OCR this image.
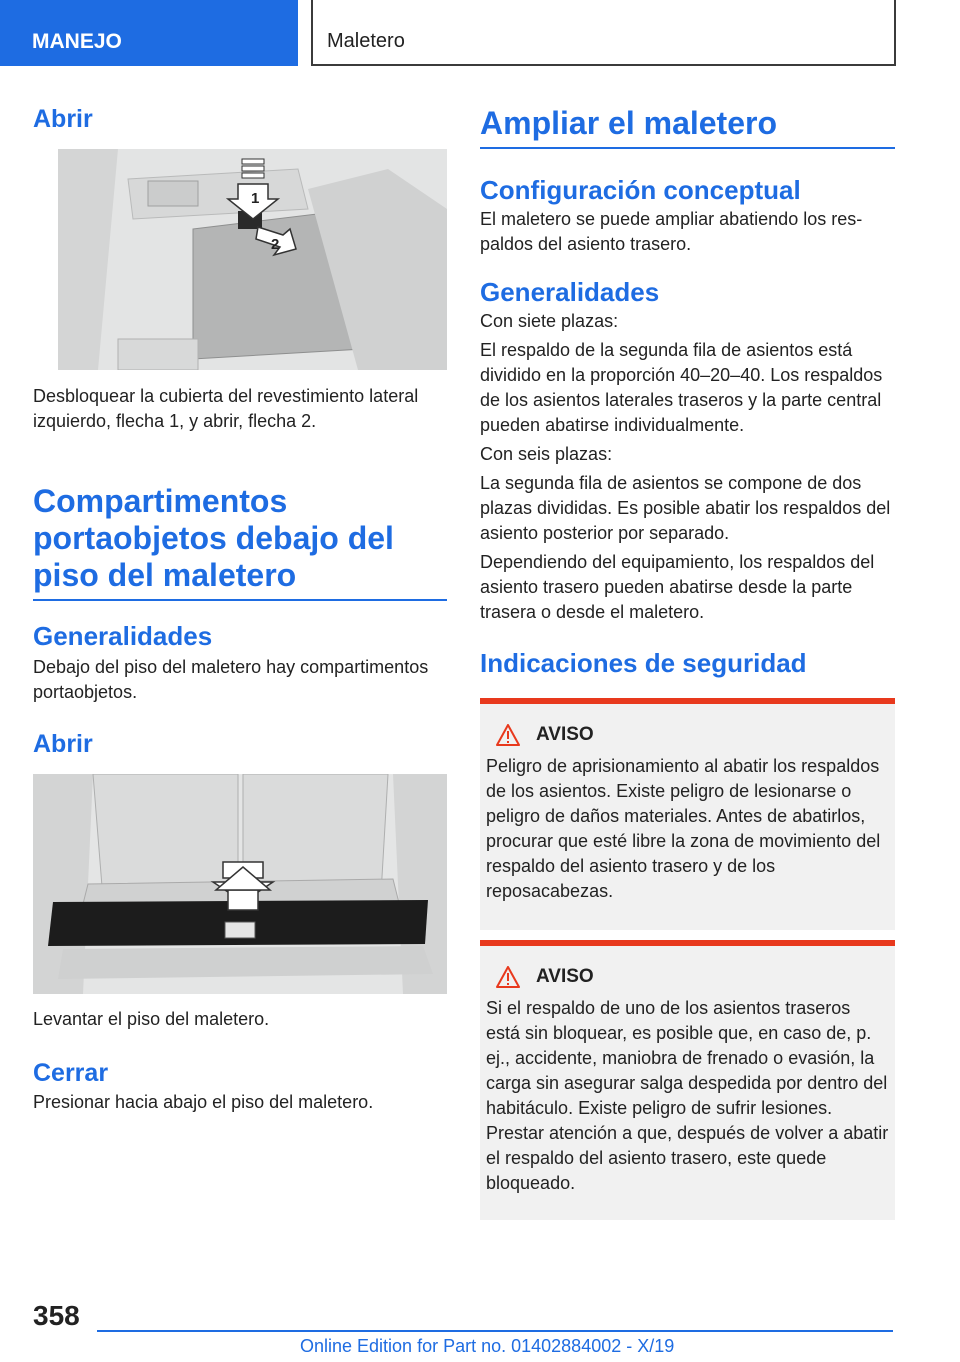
MANEJO	Maletero
Abrir
1
2

Desbloquear la cubierta del revestimiento lateral izquierdo, flecha 1, y abrir, flecha 2.

Compartimentos portaobjetos debajo del piso del maletero
Generalidades

Debajo del piso del maletero hay compartimentos portaobjetos.

Abrir

Levantar el piso del maletero.

Cerrar

Presionar hacia abajo el piso del maletero.

Ampliar el maletero
Configuración conceptual

El maletero se puede ampliar abatiendo los respaldos del asiento trasero.

Generalidades

Con siete plazas:

El respaldo de la segunda fila de asientos está dividido en la proporción 40–20–40. Los respaldos de los asientos laterales traseros y la parte central pueden abatirse individualmente.

Con seis plazas:

La segunda fila de asientos se compone de dos plazas divididas. Es posible abatir los respaldos del asiento posterior por separado.

Dependiendo del equipamiento, los respaldos del asiento trasero pueden abatirse desde la parte trasera o desde el maletero.

Indicaciones de seguridad
AVISO

Peligro de aprisionamiento al abatir los respaldos de los asientos. Existe peligro de lesionarse o peligro de daños materiales. Antes de abatirlos, procurar que esté libre la zona de movimiento del respaldo del asiento trasero y de los reposacabezas.

AVISO

Si el respaldo de uno de los asientos traseros está sin bloquear, es posible que, en caso de, p. ej., accidente, maniobra de frenado o evasión, la carga sin asegurar salga despedida por dentro del habitáculo. Existe peligro de sufrir lesiones. Prestar atención a que, después de volver a abatir el respaldo del asiento trasero, este quede bloqueado.

358
Online Edition for Part no. 01402884002 - X/19
